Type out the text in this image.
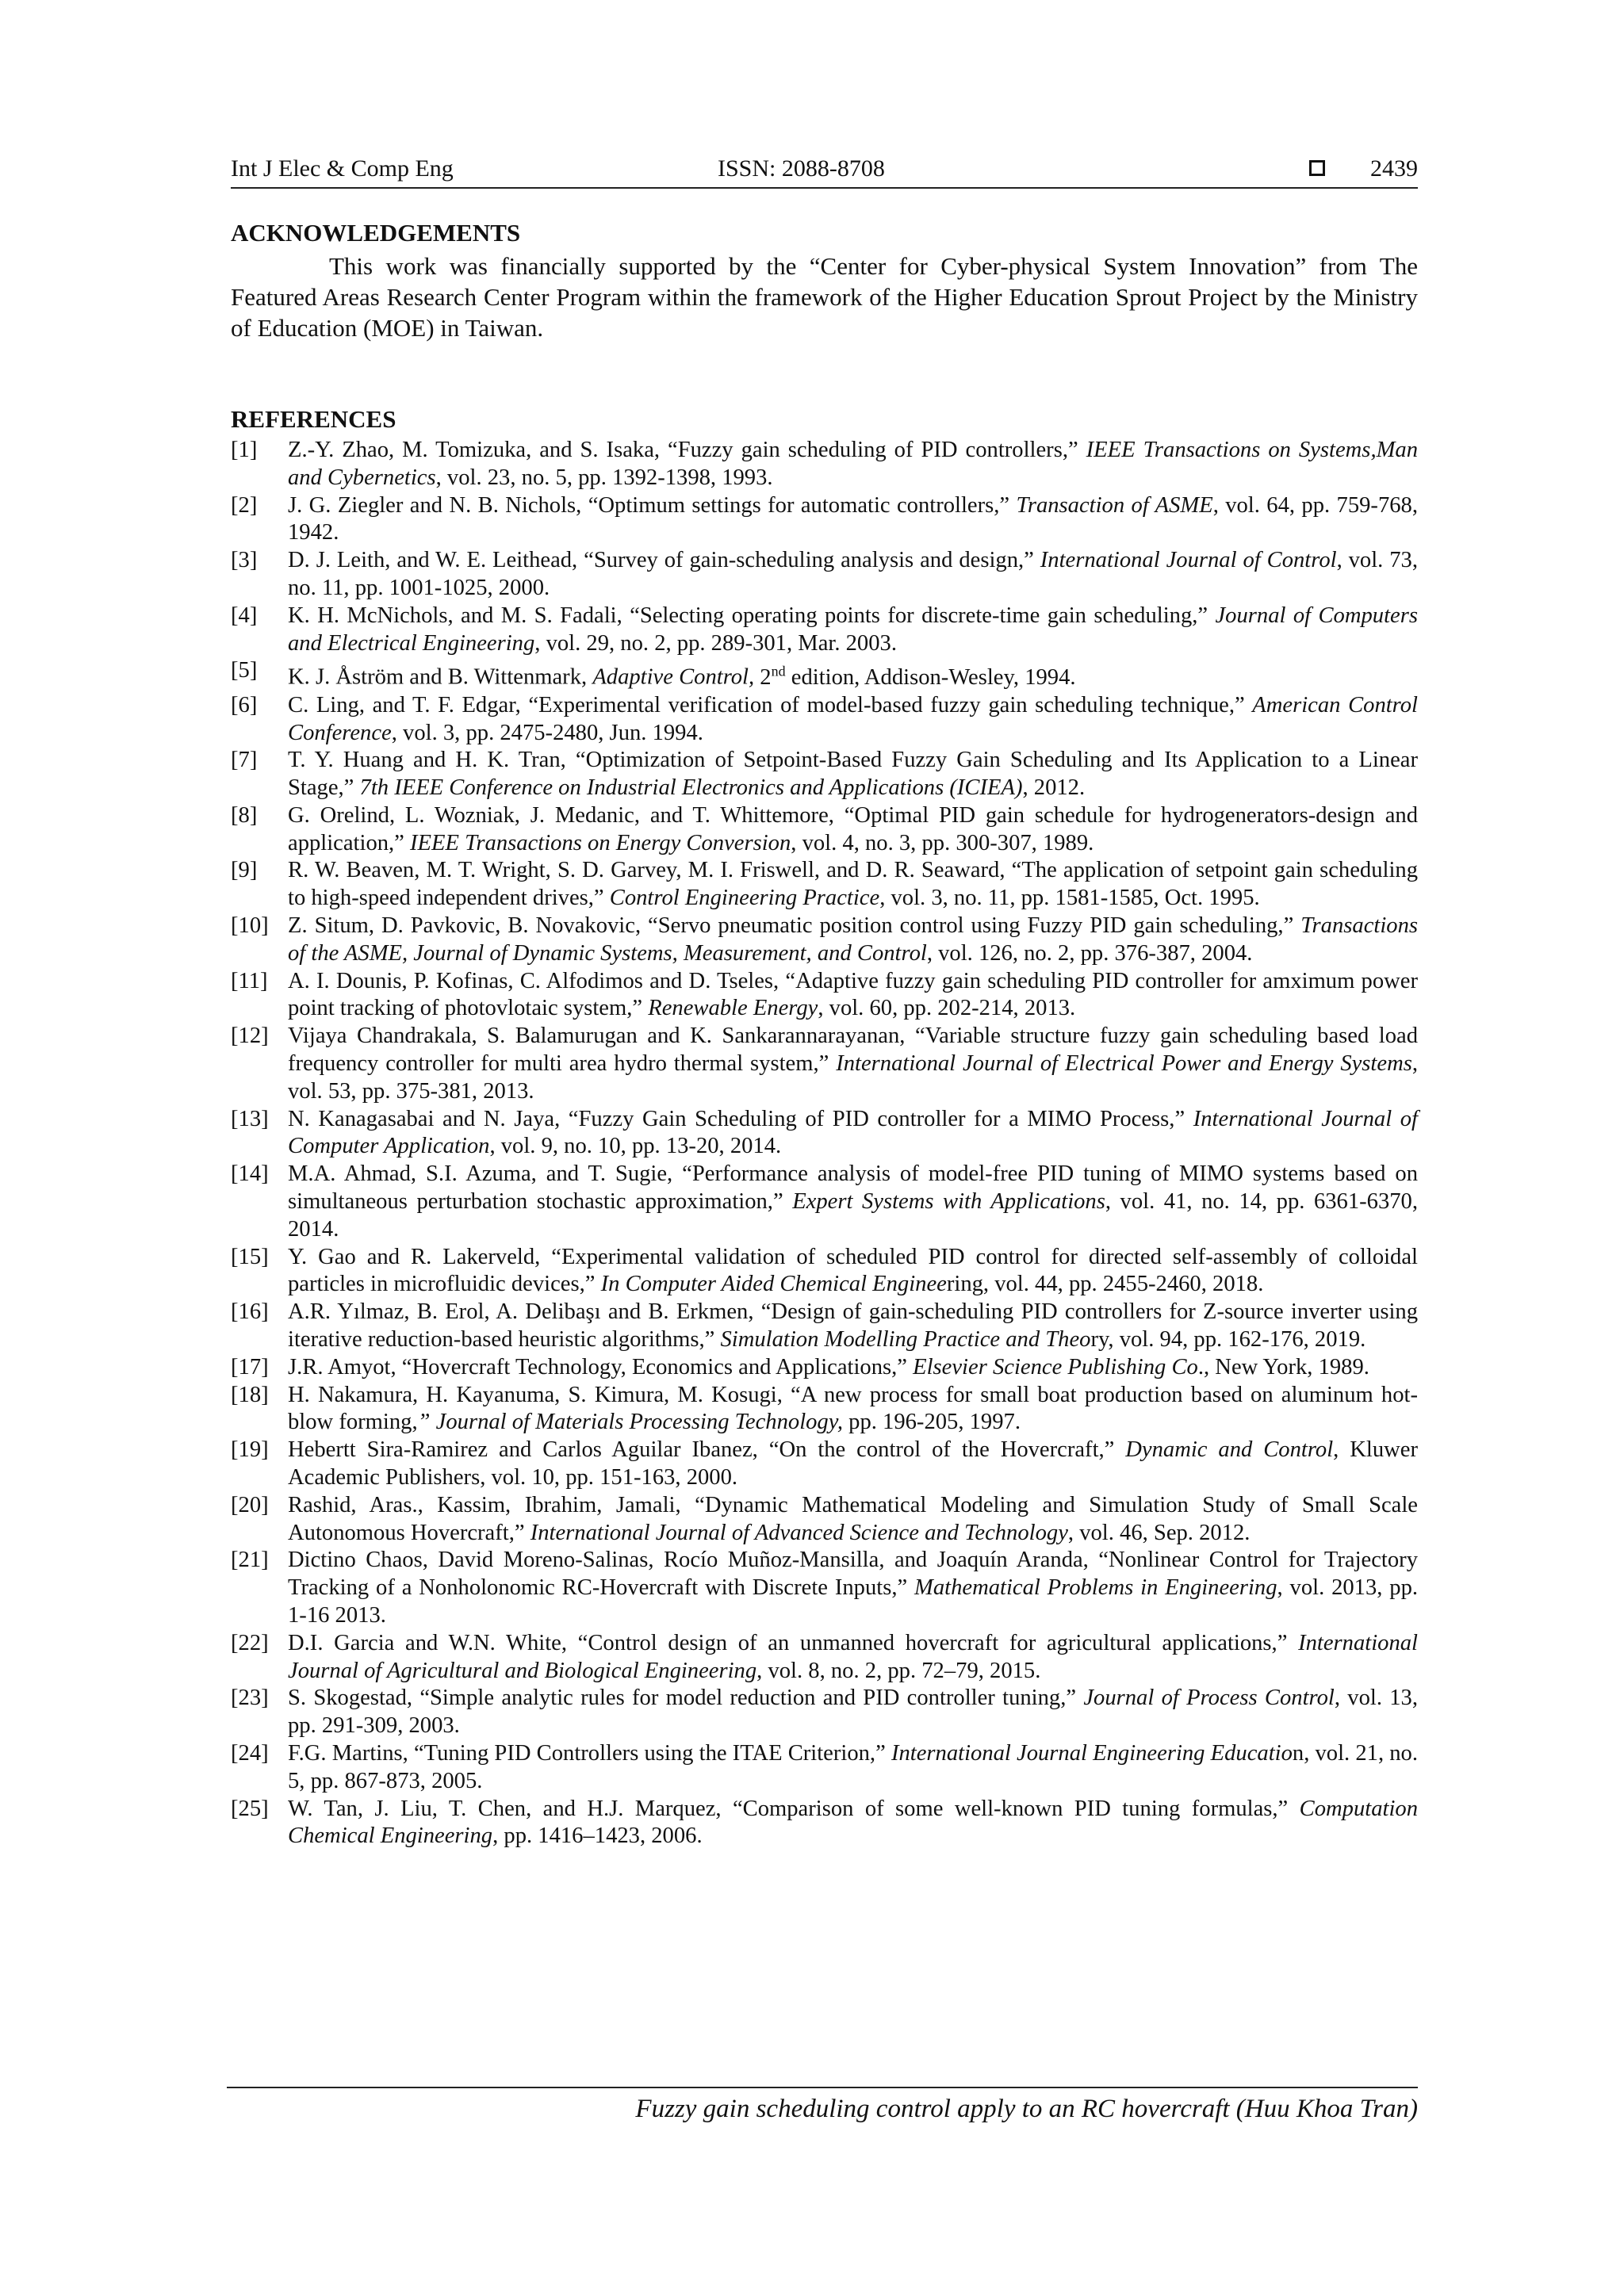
Int J Elec & Comp Eng	ISSN: 2088-8708	2439
ACKNOWLEDGEMENTS
This work was financially supported by the “Center for Cyber-physical System Innovation” from The Featured Areas Research Center Program within the framework of the Higher Education Sprout Project by the Ministry of Education (MOE) in Taiwan.
REFERENCES
[1] Z.-Y. Zhao, M. Tomizuka, and S. Isaka, “Fuzzy gain scheduling of PID controllers,” IEEE Transactions on Systems,Man and Cybernetics, vol. 23, no. 5, pp. 1392-1398, 1993.
[2] J. G. Ziegler and N. B. Nichols, “Optimum settings for automatic controllers,” Transaction of ASME, vol. 64, pp. 759-768, 1942.
[3] D. J. Leith, and W. E. Leithead, “Survey of gain-scheduling analysis and design,” International Journal of Control, vol. 73, no. 11, pp. 1001-1025, 2000.
[4] K. H. McNichols, and M. S. Fadali, “Selecting operating points for discrete-time gain scheduling,” Journal of Computers and Electrical Engineering, vol. 29, no. 2, pp. 289-301, Mar. 2003.
[5] K. J. Åström and B. Wittenmark, Adaptive Control, 2nd edition, Addison-Wesley, 1994.
[6] C. Ling, and T. F. Edgar, “Experimental verification of model-based fuzzy gain scheduling technique,” American Control Conference, vol. 3, pp. 2475-2480, Jun. 1994.
[7] T. Y. Huang and H. K. Tran, “Optimization of Setpoint-Based Fuzzy Gain Scheduling and Its Application to a Linear Stage,” 7th IEEE Conference on Industrial Electronics and Applications (ICIEA), 2012.
[8] G. Orelind, L. Wozniak, J. Medanic, and T. Whittemore, “Optimal PID gain schedule for hydrogenerators-design and application,” IEEE Transactions on Energy Conversion, vol. 4, no. 3, pp. 300-307, 1989.
[9] R. W. Beaven, M. T. Wright, S. D. Garvey, M. I. Friswell, and D. R. Seaward, “The application of setpoint gain scheduling to high-speed independent drives,” Control Engineering Practice, vol. 3, no. 11, pp. 1581-1585, Oct. 1995.
[10] Z. Situm, D. Pavkovic, B. Novakovic, “Servo pneumatic position control using Fuzzy PID gain scheduling,” Transactions of the ASME, Journal of Dynamic Systems, Measurement, and Control, vol. 126, no. 2, pp. 376-387, 2004.
[11] A. I. Dounis, P. Kofinas, C. Alfodimos and D. Tseles, “Adaptive fuzzy gain scheduling PID controller for amximum power point tracking of photovlotaic system,” Renewable Energy, vol. 60, pp. 202-214, 2013.
[12] Vijaya Chandrakala, S. Balamurugan and K. Sankarannarayanan, “Variable structure fuzzy gain scheduling based load frequency controller for multi area hydro thermal system,” International Journal of Electrical Power and Energy Systems, vol. 53, pp. 375-381, 2013.
[13] N. Kanagasabai and N. Jaya, “Fuzzy Gain Scheduling of PID controller for a MIMO Process,” International Journal of Computer Application, vol. 9, no. 10, pp. 13-20, 2014.
[14] M.A. Ahmad, S.I. Azuma, and T. Sugie, “Performance analysis of model-free PID tuning of MIMO systems based on simultaneous perturbation stochastic approximation,” Expert Systems with Applications, vol. 41, no. 14, pp. 6361-6370, 2014.
[15] Y. Gao and R. Lakerveld, “Experimental validation of scheduled PID control for directed self-assembly of colloidal particles in microfluidic devices,” In Computer Aided Chemical Engineering, vol. 44, pp. 2455-2460, 2018.
[16] A.R. Yılmaz, B. Erol, A. Delibaşı and B. Erkmen, “Design of gain-scheduling PID controllers for Z-source inverter using iterative reduction-based heuristic algorithms,” Simulation Modelling Practice and Theory, vol. 94, pp. 162-176, 2019.
[17] J.R. Amyot, “Hovercraft Technology, Economics and Applications,” Elsevier Science Publishing Co., New York, 1989.
[18] H. Nakamura, H. Kayanuma, S. Kimura, M. Kosugi, “A new process for small boat production based on aluminum hot-blow forming,” Journal of Materials Processing Technology, pp. 196-205, 1997.
[19] Hebertt Sira-Ramirez and Carlos Aguilar Ibanez, “On the control of the Hovercraft,” Dynamic and Control, Kluwer Academic Publishers, vol. 10, pp. 151-163, 2000.
[20] Rashid, Aras., Kassim, Ibrahim, Jamali, “Dynamic Mathematical Modeling and Simulation Study of Small Scale Autonomous Hovercraft,” International Journal of Advanced Science and Technology, vol. 46, Sep. 2012.
[21] Dictino Chaos, David Moreno-Salinas, Rocío Muñoz-Mansilla, and Joaquín Aranda, “Nonlinear Control for Trajectory Tracking of a Nonholonomic RC-Hovercraft with Discrete Inputs,” Mathematical Problems in Engineering, vol. 2013, pp. 1-16 2013.
[22] D.I. Garcia and W.N. White, “Control design of an unmanned hovercraft for agricultural applications,” International Journal of Agricultural and Biological Engineering, vol. 8, no. 2, pp. 72–79, 2015.
[23] S. Skogestad, “Simple analytic rules for model reduction and PID controller tuning,” Journal of Process Control, vol. 13, pp. 291-309, 2003.
[24] F.G. Martins, “Tuning PID Controllers using the ITAE Criterion,” International Journal Engineering Education, vol. 21, no. 5, pp. 867-873, 2005.
[25] W. Tan, J. Liu, T. Chen, and H.J. Marquez, “Comparison of some well-known PID tuning formulas,” Computation Chemical Engineering, pp. 1416–1423, 2006.
Fuzzy gain scheduling control apply to an RC hovercraft (Huu Khoa Tran)
